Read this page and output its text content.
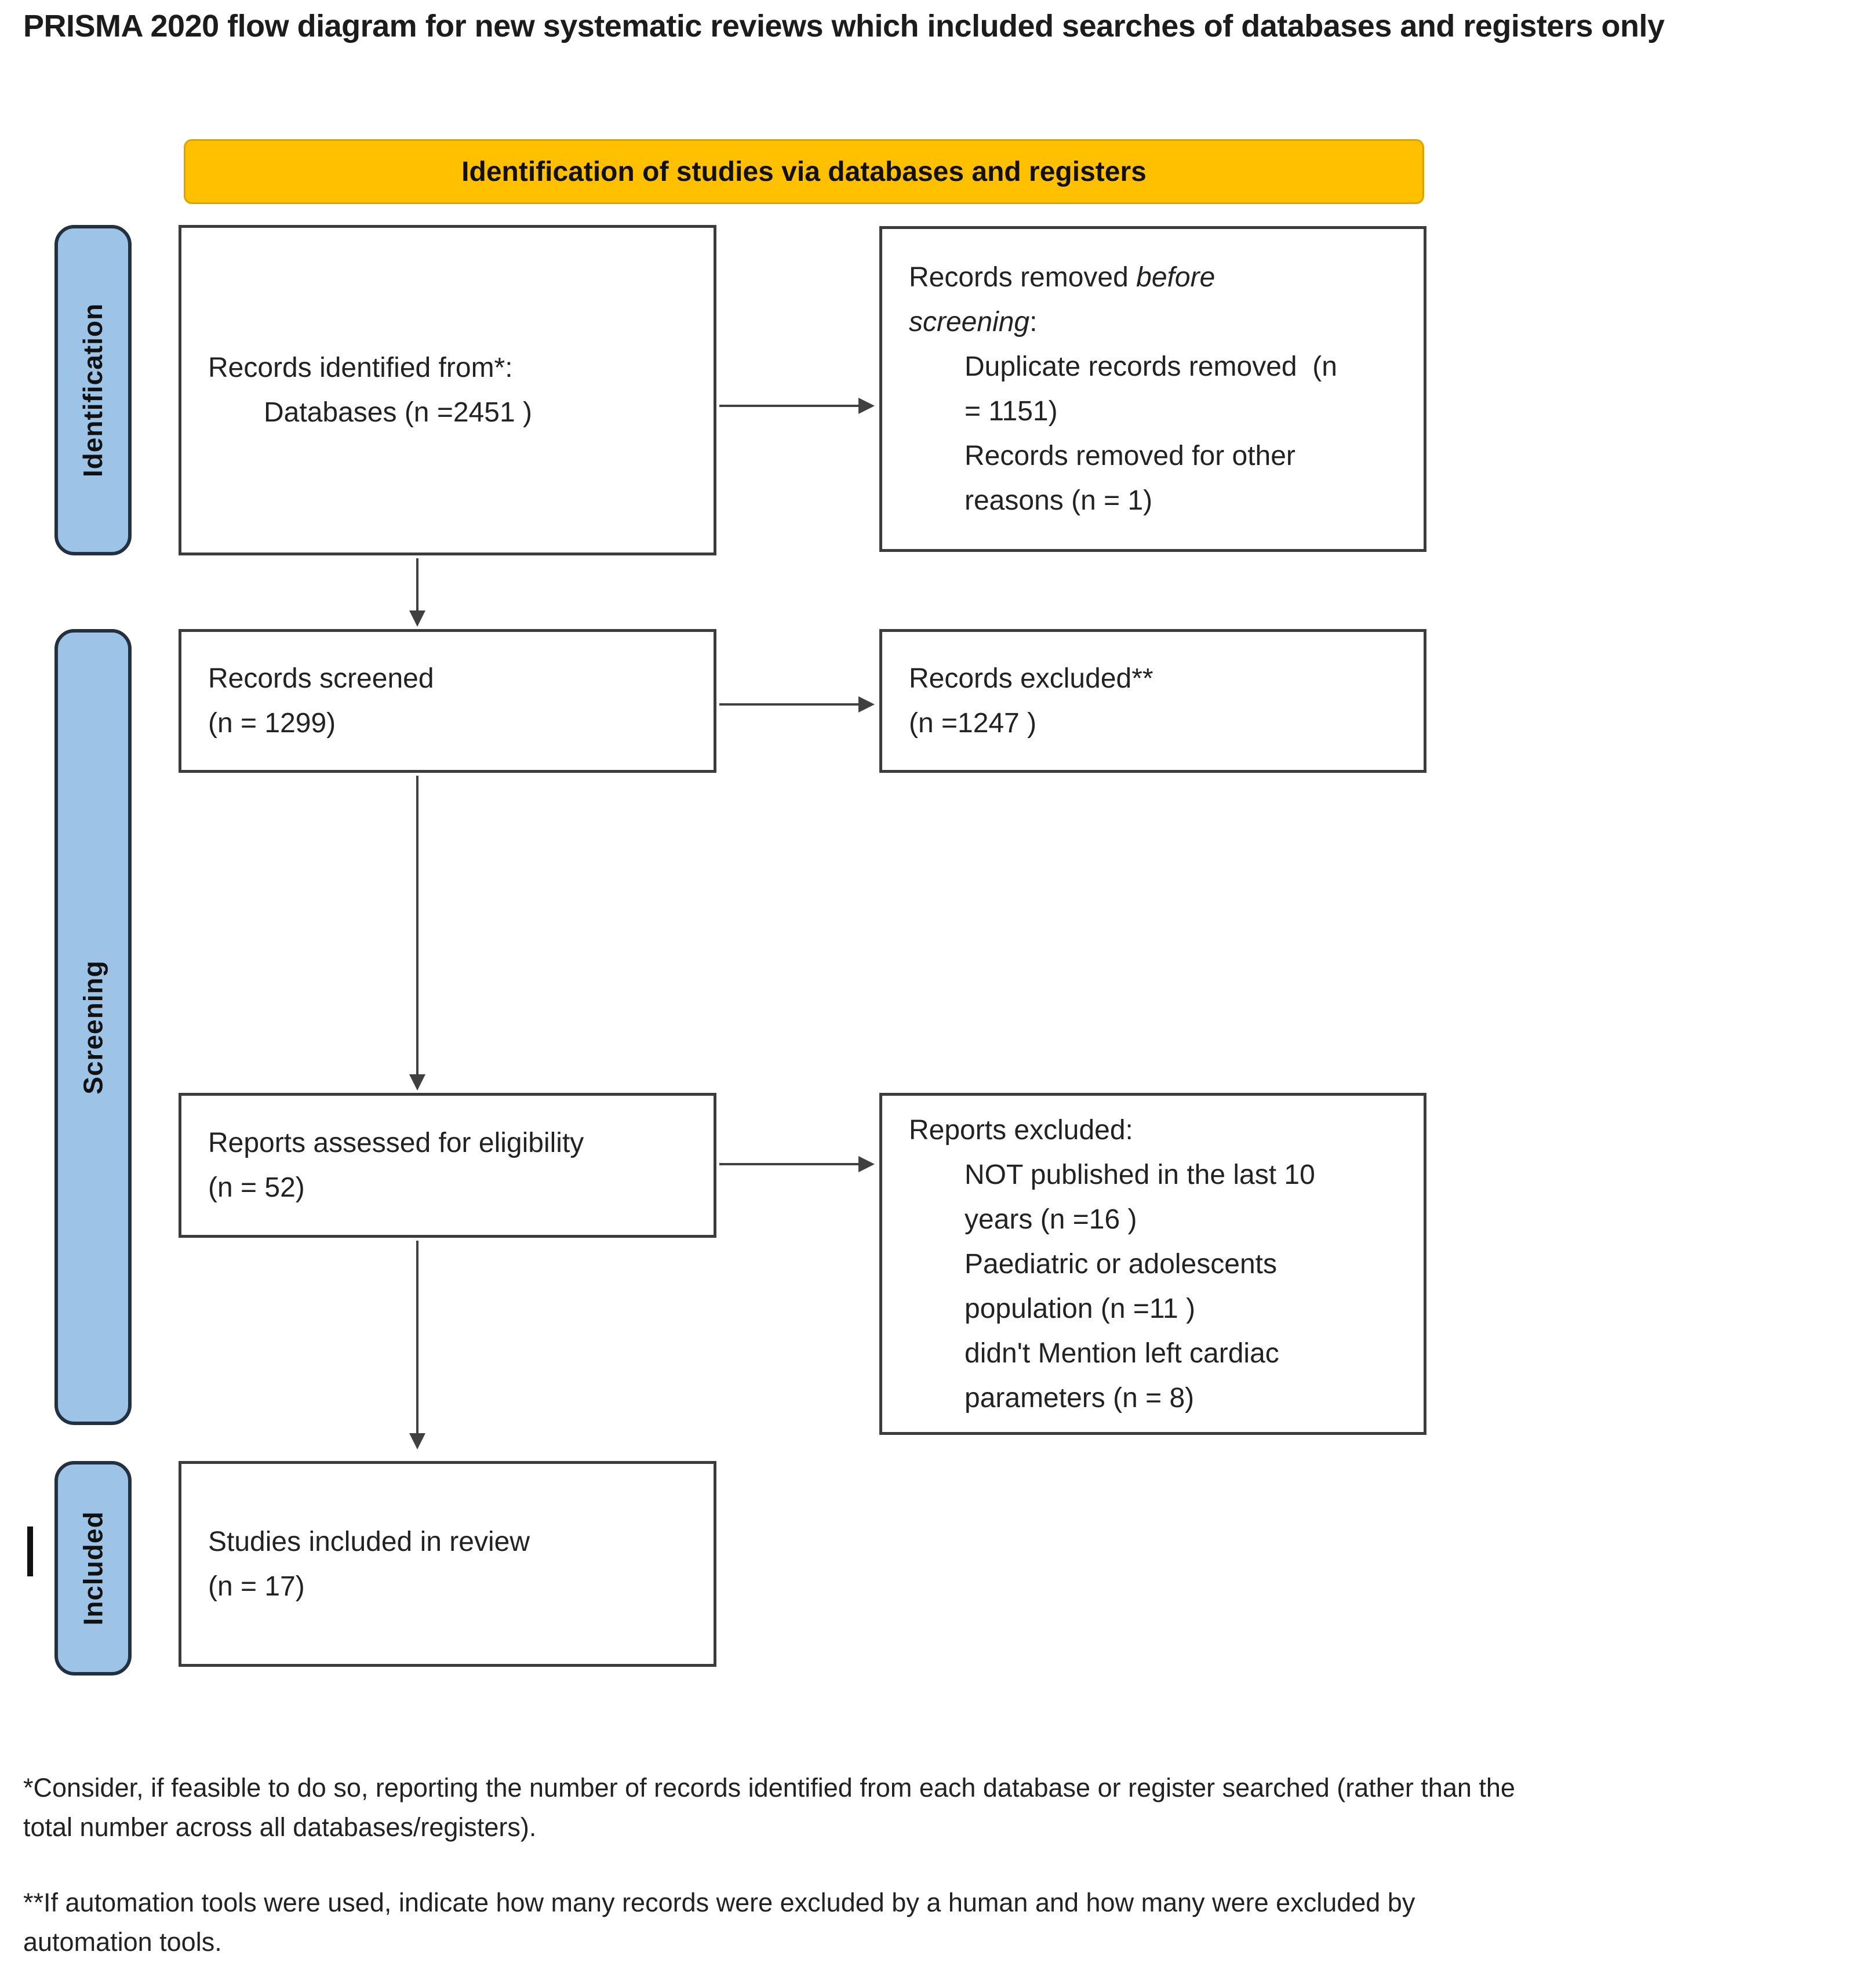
PRISMA 2020 flow diagram for new systematic reviews which included searches of databases and registers only
Identification of studies via databases and registers
Identification
Screening
Included
Records identified from*:
Databases (n =2451 )
Records screened
(n = 1299)
Reports assessed for eligibility
(n = 52)
Studies included in review
(n = 17)
Records removed before
screening:
Duplicate records removed  (n
= 1151)
Records removed for other
reasons (n = 1)
Records excluded**
(n =1247 )
Reports excluded:
NOT published in the last 10
years (n =16 )
Paediatric or adolescents
population (n =11 )
didn't Mention left cardiac
parameters (n = 8)
*Consider, if feasible to do so, reporting the number of records identified from each database or register searched (rather than the
total number across all databases/registers).
**If automation tools were used, indicate how many records were excluded by a human and how many were excluded by
automation tools.
